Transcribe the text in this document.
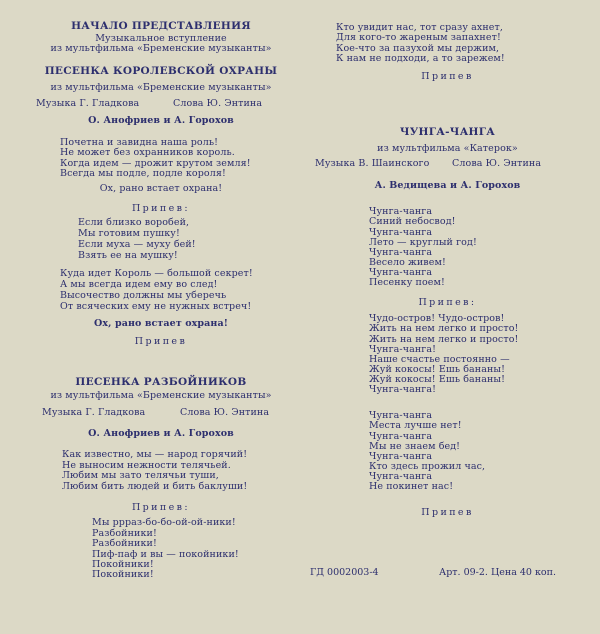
НАЧАЛО ПРЕДСТАВЛЕНИЯ
Музыкальное вступление
из мультфильма «Бременские музыканты»
ПЕСЕНКА КОРОЛЕВСКОЙ ОХРАНЫ
из мультфильма «Бременские музыканты»
Музыка Г. Гладкова	Слова Ю. Энтина
О. Анофриев и А. Горохов
Почетна и завидна наша роль!
Не может без охранников король.
Когда идем — дрожит крутом земля!
Всегда мы подле, подле короля!
Ох, рано встает охрана!
Припев:
Если близко воробей,
Мы готовим пушку!
Если муха — муху бей!
Взять ее на мушку!
Куда идет Король — большой секрет!
А мы всегда идем ему во след!
Высочество должны мы уберечь
От всяческих ему не нужных встреч!
Ох, рано встает охрана!
Припев
ПЕСЕНКА РАЗБОЙНИКОВ
из мультфильма «Бременские музыканты»
Музыка Г. Гладкова	Слова Ю. Энтина
О. Анофриев и А. Горохов
Как известно, мы — народ горячий!
Не выносим нежности телячьей.
Любим мы зато телячьи туши,
Любим бить людей и бить баклуши!
Припев:
Мы ррраз-бо-бо-ой-ой-ники!
Разбойники!
Разбойники!
Пиф-паф и вы — покойники!
Покойники!
Покойники!
Кто увидит нас, тот сразу ахнет,
Для кого-то жареным запахнет!
Кое-что за пазухой мы держим,
К нам не подходи, а то зарежем!
Припев
ЧУНГА-ЧАНГА
из мультфильма «Катерок»
Музыка В. Шаинского Слова Ю. Энтина
А. Ведищева и А. Горохов
Чунга-чанга
Синий небосвод!
Чунга-чанга
Лето — круглый год!
Чунга-чанга
Весело живем!
Чунга-чанга
Песенку поем!
Припев:
Чудо-остров! Чудо-остров!
Жить на нем легко и просто!
Жить на нем легко и просто!
Чунга-чанга!
Наше счастье постоянно —
Жуй кокосы! Ешь бананы!
Жуй кокосы! Ешь бананы!
Чунга-чанга!
Чунга-чанга
Места лучше нет!
Чунга-чанга
Мы не знаем бед!
Чунга-чанга
Кто здесь прожил час,
Чунга-чанга
Не покинет нас!
Припев
ГД 0002003-4	Арт. 09-2. Цена 40 коп.
